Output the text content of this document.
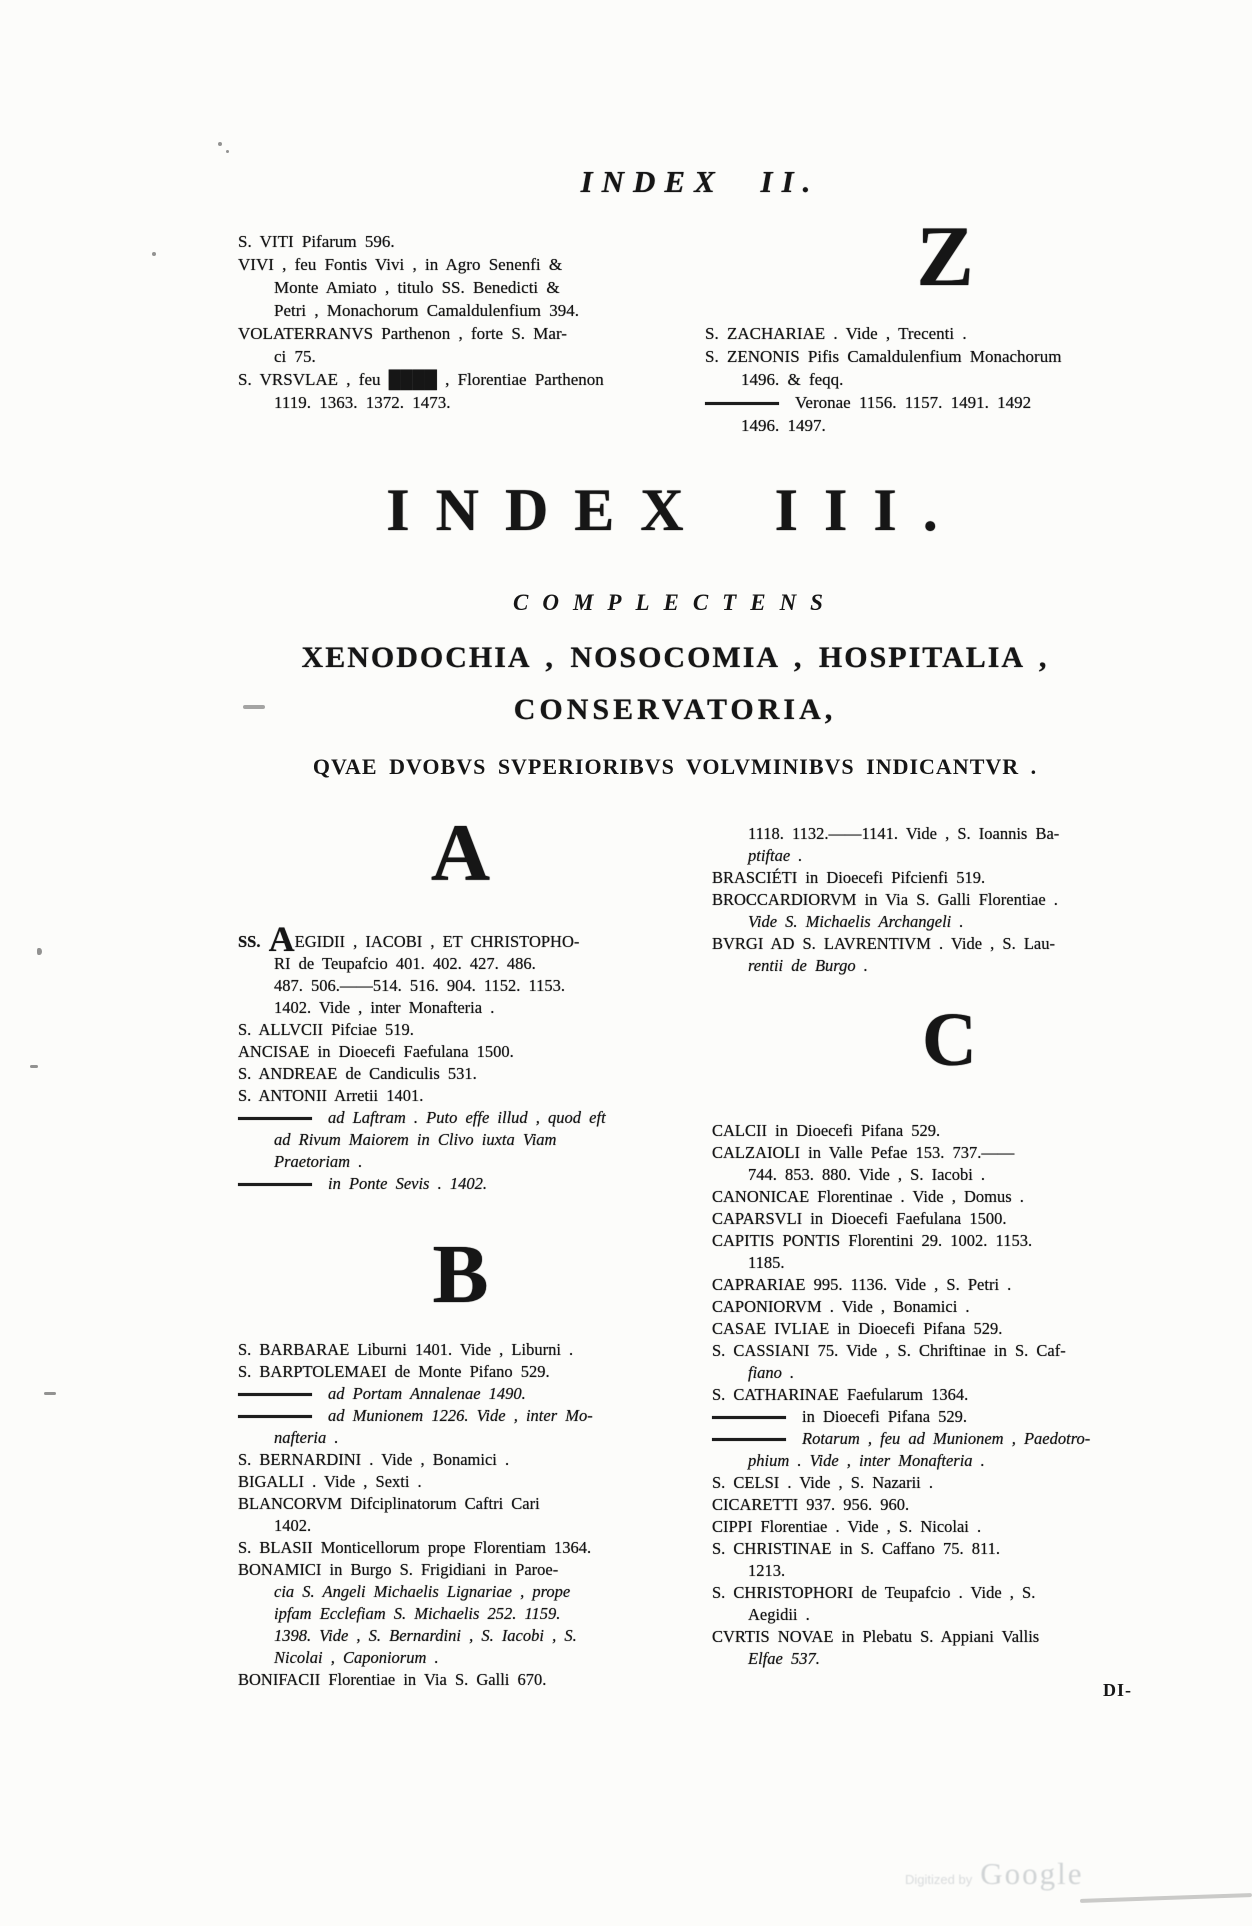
INDEX II.
S. VITI Pifarum 596.
VIVI , feu Fontis Vivi , in Agro Senenfi &
Monte Amiato , titulo SS. Benedicti &
Petri , Monachorum Camaldulenfium 394.
VOLATERRANVS Parthenon , forte S. Mar-
ci 75.
S. VRSVLAE , feu ████ , Florentiae Parthenon
1119. 1363. 1372. 1473.
Z
S. ZACHARIAE . Vide , Trecenti .
S. ZENONIS Pifis Camaldulenfium Monachorum
1496. & feqq.
Veronae 1156. 1157. 1491. 1492
1496. 1497.
INDEX III.
COMPLECTENS
XENODOCHIA , NOSOCOMIA , HOSPITALIA ,
CONSERVATORIA,
QVAE DVOBVS SVPERIORIBVS VOLVMINIBVS INDICANTVR .
A
SS. AEGIDII , IACOBI , ET CHRISTOPHO-
RI de Teupafcio 401. 402. 427. 486.
487. 506.——514. 516. 904. 1152. 1153.
1402. Vide , inter Monafteria .
S. ALLVCII Pifciae 519.
ANCISAE in Dioecefi Faefulana 1500.
S. ANDREAE de Candiculis 531.
S. ANTONII Arretii 1401.
ad Laftram . Puto effe illud , quod eft
ad Rivum Maiorem in Clivo iuxta Viam
Praetoriam .
in Ponte Sevis . 1402.
B
S. BARBARAE Liburni 1401. Vide , Liburni .
S. BARPTOLEMAEI de Monte Pifano 529.
ad Portam Annalenae 1490.
ad Munionem 1226. Vide , inter Mo-
nafteria .
S. BERNARDINI . Vide , Bonamici .
BIGALLI . Vide , Sexti .
BLANCORVM Difciplinatorum Caftri Cari
1402.
S. BLASII Monticellorum prope Florentiam 1364.
BONAMICI in Burgo S. Frigidiani in Paroe-
cia S. Angeli Michaelis Lignariae , prope
ipfam Ecclefiam S. Michaelis 252. 1159.
1398. Vide , S. Bernardini , S. Iacobi , S.
Nicolai , Caponiorum .
BONIFACII Florentiae in Via S. Galli 670.
1118. 1132.——1141. Vide , S. Ioannis Ba-
ptiftae .
BRASCIÉTI in Dioecefi Pifcienfi 519.
BROCCARDIORVM in Via S. Galli Florentiae .
Vide S. Michaelis Archangeli .
BVRGI AD S. LAVRENTIVM . Vide , S. Lau-
rentii de Burgo .
C
CALCII in Dioecefi Pifana 529.
CALZAIOLI in Valle Pefae 153. 737.——
744. 853. 880. Vide , S. Iacobi .
CANONICAE Florentinae . Vide , Domus .
CAPARSVLI in Dioecefi Faefulana 1500.
CAPITIS PONTIS Florentini 29. 1002. 1153.
1185.
CAPRARIAE 995. 1136. Vide , S. Petri .
CAPONIORVM . Vide , Bonamici .
CASAE IVLIAE in Dioecefi Pifana 529.
S. CASSIANI 75. Vide , S. Chriftinae in S. Caf-
fiano .
S. CATHARINAE Faefularum 1364.
in Dioecefi Pifana 529.
Rotarum , feu ad Munionem , Paedotro-
phium . Vide , inter Monafteria .
S. CELSI . Vide , S. Nazarii .
CICARETTI 937. 956. 960.
CIPPI Florentiae . Vide , S. Nicolai .
S. CHRISTINAE in S. Caffano 75. 811.
1213.
S. CHRISTOPHORI de Teupafcio . Vide , S.
Aegidii .
CVRTIS NOVAE in Plebatu S. Appiani Vallis
Elfae 537.
DI-
Digitized by Google
